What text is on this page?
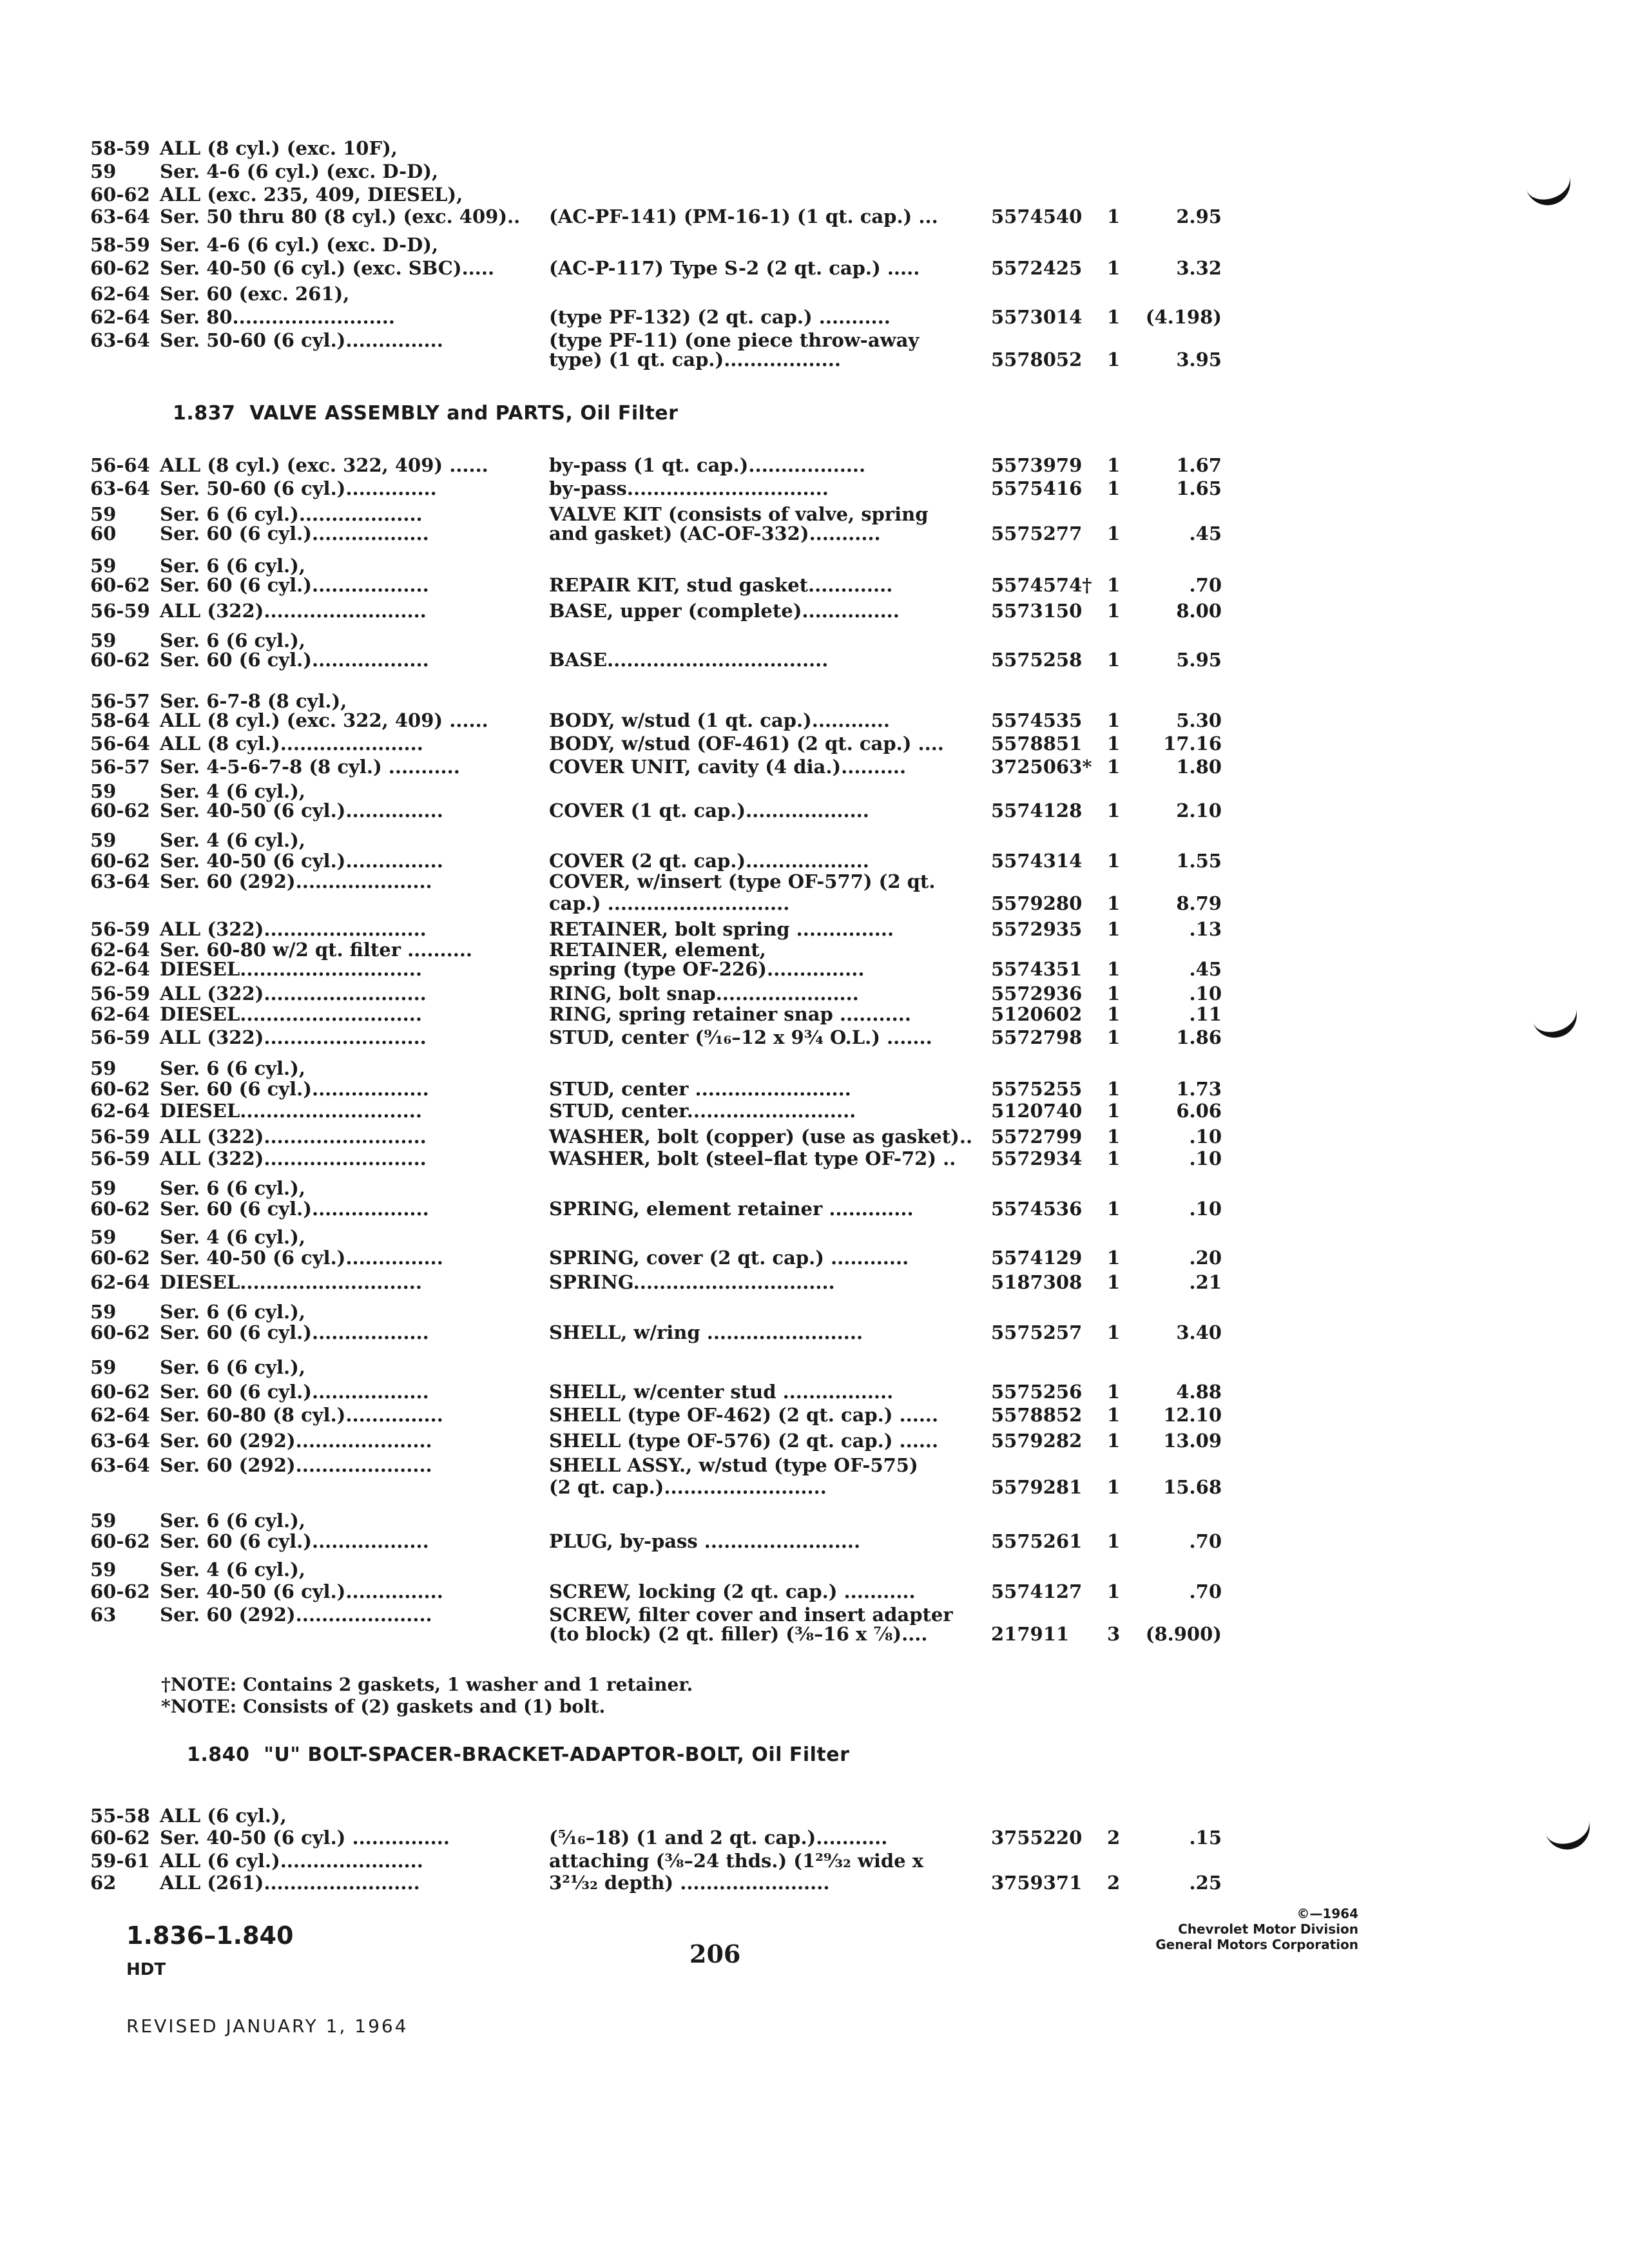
1.837 VALVE ASSEMBLY and PARTS, Oil Filter
†NOTE: Contains 2 gaskets, 1 washer and 1 retainer.
*NOTE: Consists of (2) gaskets and (1) bolt.
1.840 "U" BOLT-SPACER-BRACKET-ADAPTOR-BOLT, Oil Filter
1.836–1.840
HDT
206
REVISED JANUARY 1, 1964
©—1964
Chevrolet Motor Division
General Motors Corporation
58-59 ALL (8 cyl.) (exc. 10F),
59 Ser. 4-6 (6 cyl.) (exc. D-D),
60-62 ALL (exc. 235, 409, DIESEL),
63-64 Ser. 50 thru 80 (8 cyl.) (exc. 409).. (AC-PF-141) (PM-16-1) (1 qt. cap.) ...	5574540 1	2.95
58-59 Ser. 4-6 (6 cyl.) (exc. D-D),
60-62 Ser. 40-50 (6 cyl.) (exc. SBC).....	(AC-P-117) Type S-2 (2 qt. cap.) .....	5572425 1	3.32
62-64 Ser. 60 (exc. 261),
62-64 Ser. 80.........................	(type PF-132) (2 qt. cap.) ...........	5573014 1 (4.198)
63-64 Ser. 50-60 (6 cyl.)...............	(type PF-11) (one piece throw-away
type) (1 qt. cap.)..................	5578052 1	3.95
56-64 ALL (8 cyl.) (exc. 322, 409) ......	by-pass (1 qt. cap.)..................	5573979 1	1.67
63-64 Ser. 50-60 (6 cyl.)..............	by-pass...............................	5575416 1	1.65
59 Ser. 6 (6 cyl.)...................	VALVE KIT (consists of valve, spring
60 Ser. 60 (6 cyl.)..................	and gasket) (AC-OF-332)...........	5575277 1	.45
59 Ser. 6 (6 cyl.),
60-62 Ser. 60 (6 cyl.)..................	REPAIR KIT, stud gasket.............	5574574† 1	.70
56-59 ALL (322).........................	BASE, upper (complete)...............	5573150 1	8.00
59 Ser. 6 (6 cyl.),
60-62 Ser. 60 (6 cyl.)..................	BASE..................................	5575258 1	5.95
56-57 Ser. 6-7-8 (8 cyl.),
58-64 ALL (8 cyl.) (exc. 322, 409) ......	BODY, w/stud (1 qt. cap.)............	5574535 1	5.30
56-64 ALL (8 cyl.)......................	BODY, w/stud (OF-461) (2 qt. cap.) ....	5578851 1 17.16
56-57 Ser. 4-5-6-7-8 (8 cyl.) ...........	COVER UNIT, cavity (4 dia.)..........	3725063* 1	1.80
59 Ser. 4 (6 cyl.),
60-62 Ser. 40-50 (6 cyl.)...............	COVER (1 qt. cap.)...................	5574128 1	2.10
59 Ser. 4 (6 cyl.),
60-62 Ser. 40-50 (6 cyl.)...............	COVER (2 qt. cap.)...................	5574314 1	1.55
63-64 Ser. 60 (292).....................	COVER, w/insert (type OF-577) (2 qt.
cap.) ............................	5579280 1	8.79
56-59 ALL (322).........................	RETAINER, bolt spring ...............	5572935 1	.13
62-64 Ser. 60-80 w/2 qt. filter ..........	RETAINER, element,
62-64 DIESEL............................	spring (type OF-226)...............	5574351 1	.45
56-59 ALL (322).........................	RING, bolt snap......................	5572936 1	.10
62-64 DIESEL............................	RING, spring retainer snap ...........	5120602 1	.11
56-59 ALL (322).........................	STUD, center (⁹⁄₁₆–12 x 9¾ O.L.) .......	5572798 1	1.86
59 Ser. 6 (6 cyl.),
60-62 Ser. 60 (6 cyl.)..................	STUD, center ........................	5575255 1	1.73
62-64 DIESEL............................	STUD, center..........................	5120740 1	6.06
56-59 ALL (322).........................	WASHER, bolt (copper) (use as gasket).. 5572799 1	.10
56-59 ALL (322).........................	WASHER, bolt (steel–flat type OF-72) .. 5572934 1	.10
59 Ser. 6 (6 cyl.),
60-62 Ser. 60 (6 cyl.)..................	SPRING, element retainer .............	5574536 1	.10
59 Ser. 4 (6 cyl.),
60-62 Ser. 40-50 (6 cyl.)...............	SPRING, cover (2 qt. cap.) ............	5574129 1	.20
62-64 DIESEL............................	SPRING...............................	5187308 1	.21
59 Ser. 6 (6 cyl.),
60-62 Ser. 60 (6 cyl.)..................	SHELL, w/ring ........................	5575257 1	3.40
59 Ser. 6 (6 cyl.),
60-62 Ser. 60 (6 cyl.)..................	SHELL, w/center stud .................	5575256 1	4.88
62-64 Ser. 60-80 (8 cyl.)...............	SHELL (type OF-462) (2 qt. cap.) ......	5578852 1 12.10
63-64 Ser. 60 (292).....................	SHELL (type OF-576) (2 qt. cap.) ......	5579282 1 13.09
63-64 Ser. 60 (292).....................	SHELL ASSY., w/stud (type OF-575)
(2 qt. cap.).........................	5579281 1 15.68
59 Ser. 6 (6 cyl.),
60-62 Ser. 60 (6 cyl.)..................	PLUG, by-pass ........................	5575261 1	.70
59 Ser. 4 (6 cyl.),
60-62 Ser. 40-50 (6 cyl.)...............	SCREW, locking (2 qt. cap.) ...........	5574127 1	.70
63 Ser. 60 (292).....................	SCREW, filter cover and insert adapter
(to block) (2 qt. filler) (⅜–16 x ⅞)....	217911 3 (8.900)
55-58 ALL (6 cyl.),
60-62 Ser. 40-50 (6 cyl.) ...............	(⁵⁄₁₆–18) (1 and 2 qt. cap.)...........	3755220 2	.15
59-61 ALL (6 cyl.)......................	attaching (⅜–24 thds.) (1²⁹⁄₃₂ wide x
62 ALL (261)........................	3²¹⁄₃₂ depth) .......................	3759371 2	.25
